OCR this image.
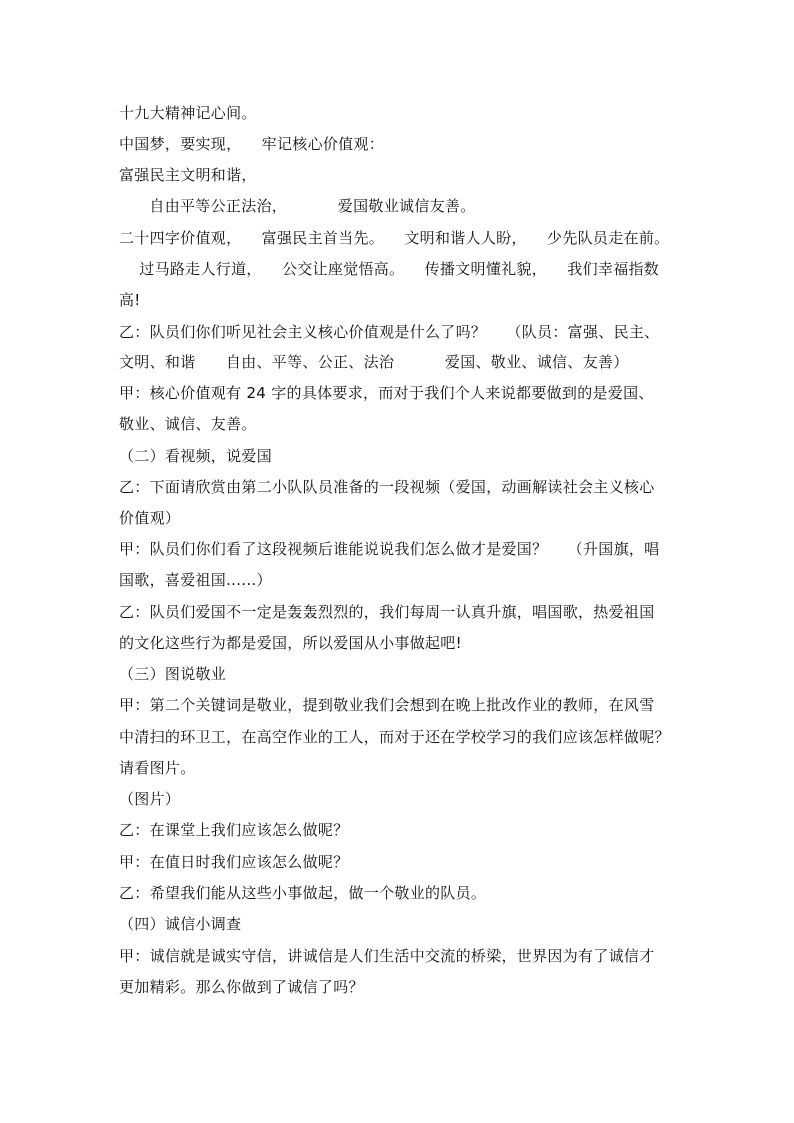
十九大精神记心间。
中国梦，要实现，    牢记核心价值观：
富强民主文明和谐，
自由平等公正法治，          爱国敬业诚信友善。
二十四字价值观，    富强民主首当先。    文明和谐人人盼，    少先队员走在前。
过马路走人行道，    公交让座觉悟高。    传播文明懂礼貌，    我们幸福指数
高!
乙：队员们你们听见社会主义核心价值观是什么了吗？    （队员：富强、民主、
文明、和谐      自由、平等、公正、法治          爱国、敬业、诚信、友善）
甲：核心价值观有 24 字的具体要求，而对于我们个人来说都要做到的是爱国、
敬业、诚信、友善。
（二）看视频，说爱国
乙：下面请欣赏由第二小队队员准备的一段视频（爱国，动画解读社会主义核心
价值观）
甲：队员们你们看了这段视频后谁能说说我们怎么做才是爱国？    （升国旗，唱
国歌，喜爱祖国......）
乙：队员们爱国不一定是轰轰烈烈的，我们每周一认真升旗，唱国歌，热爱祖国
的文化这些行为都是爱国，所以爱国从小事做起吧!
（三）图说敬业
甲：第二个关键词是敬业，提到敬业我们会想到在晚上批改作业的教师，在风雪
中清扫的环卫工，在高空作业的工人，而对于还在学校学习的我们应该怎样做呢？
请看图片。
（图片）
乙：在课堂上我们应该怎么做呢？
甲：在值日时我们应该怎么做呢？
乙：希望我们能从这些小事做起，做一个敬业的队员。
（四）诚信小调查
甲：诚信就是诚实守信，讲诚信是人们生活中交流的桥梁，世界因为有了诚信才
更加精彩。那么你做到了诚信了吗？
